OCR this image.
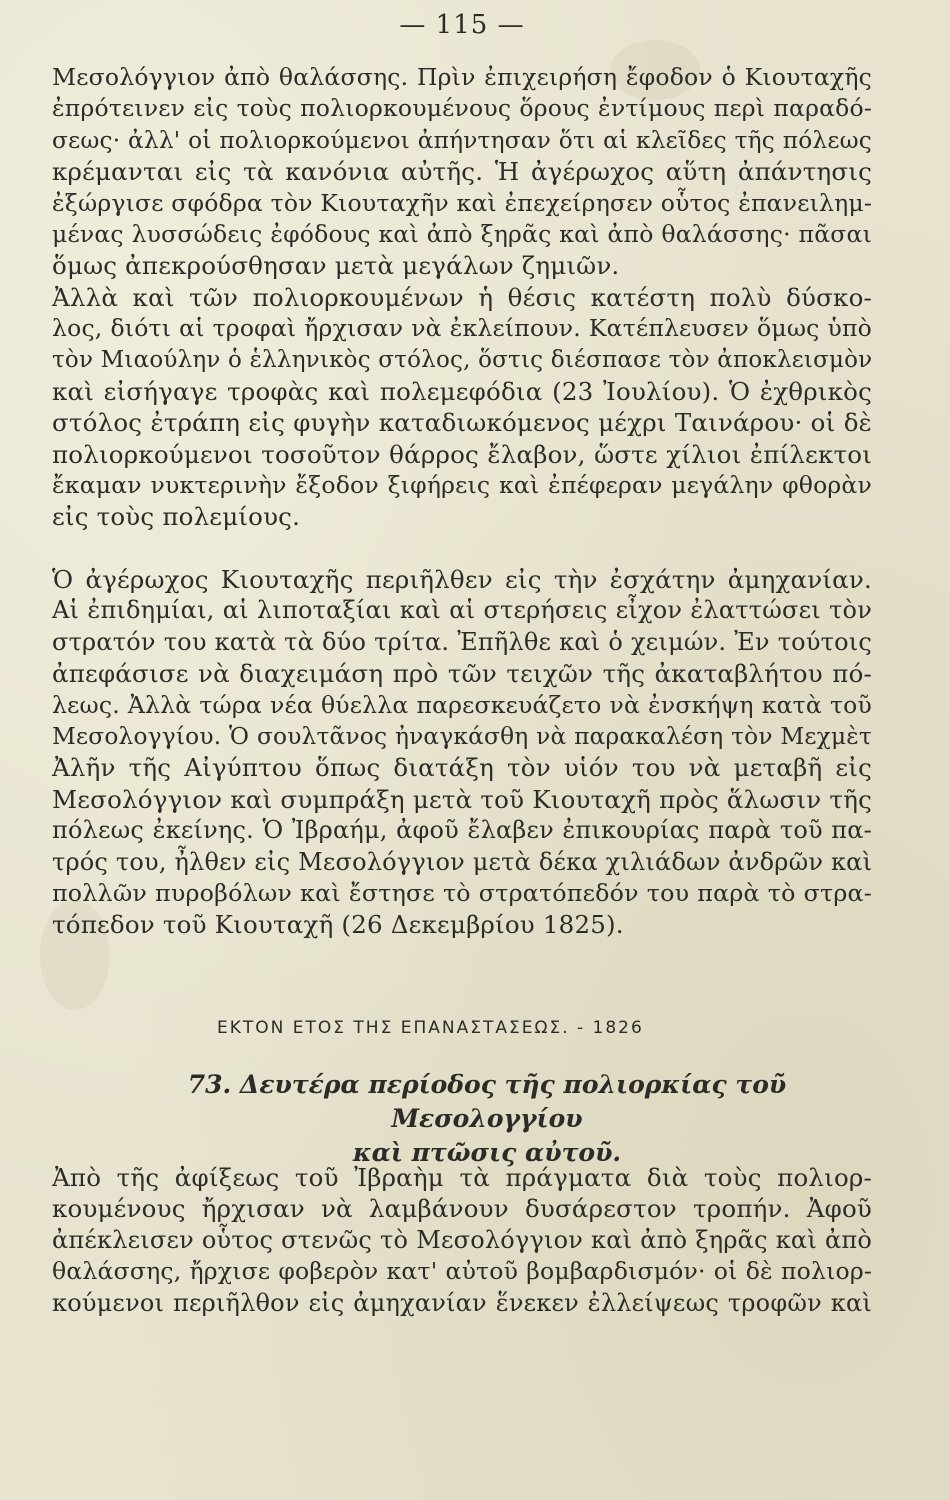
— 115 —
Μεσολόγγιον ἀπὸ θαλάσσης. Πρὶν ἐπιχειρήση ἔφοδον ὁ Κιουταχῆς
ἐπρότεινεν εἰς τοὺς πολιορκουμένους ὅρους ἐντίμους περὶ παραδό-
σεως· ἀλλ' οἱ πολιορκούμενοι ἀπήντησαν ὅτι αἱ κλεῖδες τῆς πόλεως
κρέμανται εἰς τὰ κανόνια αὐτῆς. Ἡ ἀγέρωχος αὕτη ἀπάντησις
ἐξώργισε σφόδρα τὸν Κιουταχῆν καὶ ἐπεχείρησεν οὗτος ἐπανειλημ-
μένας λυσσώδεις ἐφόδους καὶ ἀπὸ ξηρᾶς καὶ ἀπὸ θαλάσσης· πᾶσαι
ὅμως ἀπεκρούσθησαν μετὰ μεγάλων ζημιῶν.
Ἀλλὰ καὶ τῶν πολιορκουμένων ἡ θέσις κατέστη πολὺ δύσκο-
λος, διότι αἱ τροφαὶ ἤρχισαν νὰ ἐκλείπουν. Κατέπλευσεν ὅμως ὑπὸ
τὸν Μιαούλην ὁ ἑλληνικὸς στόλος, ὅστις διέσπασε τὸν ἀποκλεισμὸν
καὶ εἰσήγαγε τροφὰς καὶ πολεμεφόδια (23 Ἰουλίου). Ὁ ἐχθρικὸς
στόλος ἐτράπη εἰς φυγὴν καταδιωκόμενος μέχρι Ταινάρου· οἱ δὲ
πολιορκούμενοι τοσοῦτον θάρρος ἔλαβον, ὥστε χίλιοι ἐπίλεκτοι
ἔκαμαν νυκτερινὴν ἔξοδον ξιφήρεις καὶ ἐπέφεραν μεγάλην φθορὰν
εἰς τοὺς πολεμίους.
Ὁ ἀγέρωχος Κιουταχῆς περιῆλθεν εἰς τὴν ἐσχάτην ἀμηχανίαν.
Αἱ ἐπιδημίαι, αἱ λιποταξίαι καὶ αἱ στερήσεις εἶχον ἐλαττώσει τὸν
στρατόν του κατὰ τὰ δύο τρίτα. Ἐπῆλθε καὶ ὁ χειμών. Ἐν τούτοις
ἀπεφάσισε νὰ διαχειμάση πρὸ τῶν τειχῶν τῆς ἀκαταβλήτου πό-
λεως. Ἀλλὰ τώρα νέα θύελλα παρεσκευάζετο νὰ ἐνσκήψη κατὰ τοῦ
Μεσολογγίου. Ὁ σουλτᾶνος ἠναγκάσθη νὰ παρακαλέση τὸν Μεχμὲτ
Ἀλῆν τῆς Αἰγύπτου ὅπως διατάξη τὸν υἱόν του νὰ μεταβῆ εἰς
Μεσολόγγιον καὶ συμπράξη μετὰ τοῦ Κιουταχῆ πρὸς ἅλωσιν τῆς
πόλεως ἐκείνης. Ὁ Ἰβραήμ, ἀφοῦ ἔλαβεν ἐπικουρίας παρὰ τοῦ πα-
τρός του, ἦλθεν εἰς Μεσολόγγιον μετὰ δέκα χιλιάδων ἀνδρῶν καὶ
πολλῶν πυροβόλων καὶ ἔστησε τὸ στρατόπεδόν του παρὰ τὸ στρα-
τόπεδον τοῦ Κιουταχῆ (26 Δεκεμβρίου 1825).
ΕΚΤΟΝ ΕΤΟΣ ΤΗΣ ΕΠΑΝΑΣΤΑΣΕΩΣ. - 1826
73. Δευτέρα περίοδος τῆς πολιορκίας τοῦ Μεσολογγίου
καὶ πτῶσις αὐτοῦ.
Ἀπὸ τῆς ἀφίξεως τοῦ Ἰβραὴμ τὰ πράγματα διὰ τοὺς πολιορ-
κουμένους ἤρχισαν νὰ λαμβάνουν δυσάρεστον τροπήν. Ἀφοῦ
ἀπέκλεισεν οὗτος στενῶς τὸ Μεσολόγγιον καὶ ἀπὸ ξηρᾶς καὶ ἀπὸ
θαλάσσης, ἤρχισε φοβερὸν κατ' αὐτοῦ βομβαρδισμόν· οἱ δὲ πολιορ-
κούμενοι περιῆλθον εἰς ἀμηχανίαν ἕνεκεν ἐλλείψεως τροφῶν καὶ
